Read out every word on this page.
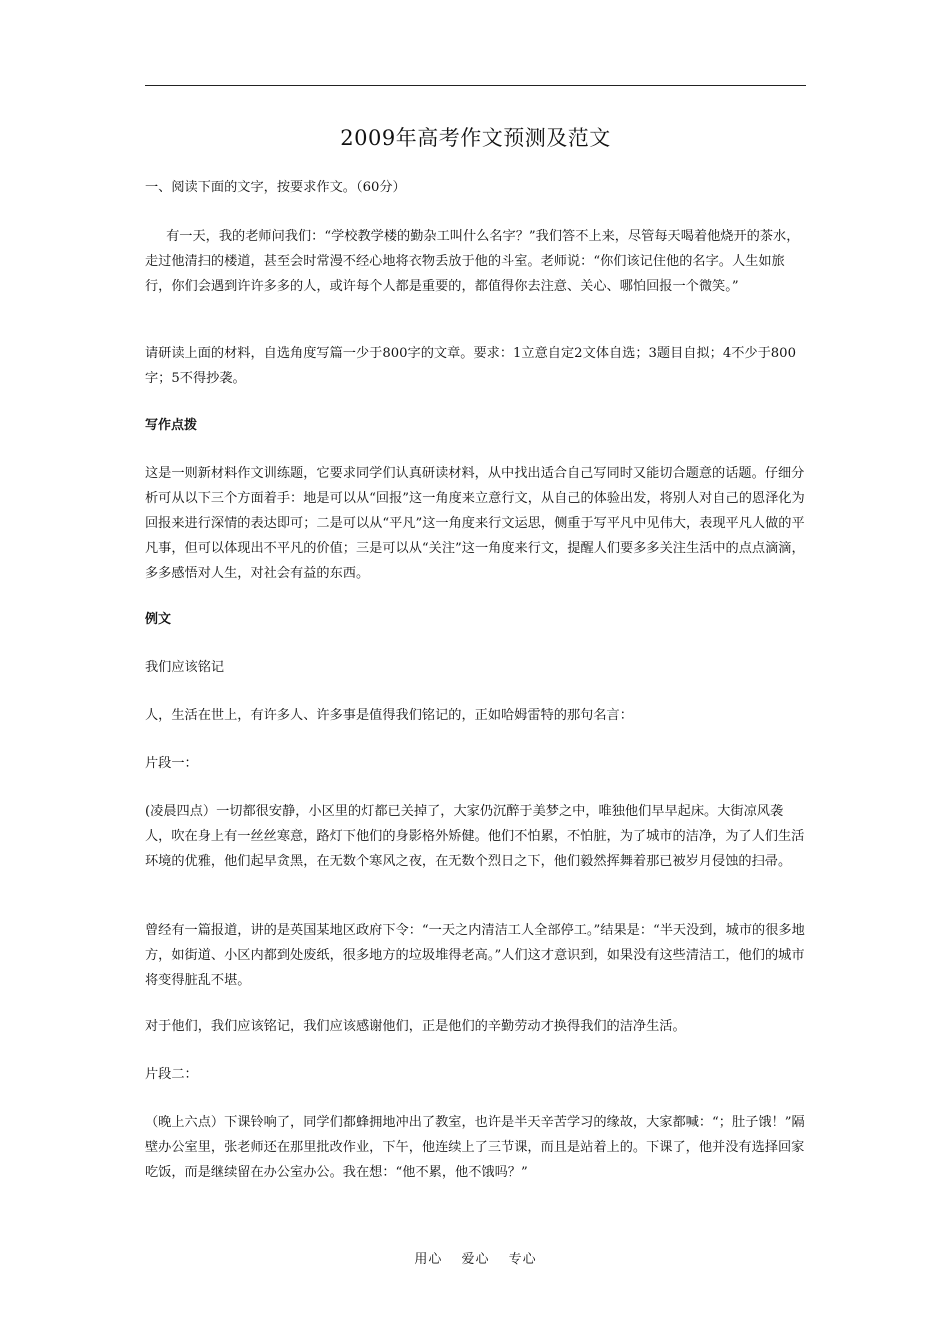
2009年高考作文预测及范文

一、阅读下面的文字，按要求作文。（60分）

有一天，我的老师问我们：“学校教学楼的勤杂工叫什么名字？”我们答不上来，尽管每天喝着他烧开的茶水，走过他清扫的楼道，甚至会时常漫不经心地将衣物丢放于他的斗室。老师说：“你们该记住他的名字。人生如旅行，你们会遇到许许多多的人，或许每个人都是重要的，都值得你去注意、关心、哪怕回报一个微笑。”

请研读上面的材料，自选角度写篇一少于800字的文章。要求：1立意自定2文体自选；3题目自拟；4不少于800字；5不得抄袭。

写作点拨

这是一则新材料作文训练题，它要求同学们认真研读材料，从中找出适合自己写同时又能切合题意的话题。仔细分析可从以下三个方面着手：地是可以从“回报”这一角度来立意行文，从自己的体验出发，将别人对自己的恩泽化为回报来进行深情的表达即可；二是可以从“平凡”这一角度来行文运思，侧重于写平凡中见伟大，表现平凡人做的平凡事，但可以体现出不平凡的价值；三是可以从“关注”这一角度来行文，提醒人们要多多关注生活中的点点滴滴，多多感悟对人生，对社会有益的东西。

例文

我们应该铭记

人，生活在世上，有许多人、许多事是值得我们铭记的，正如哈姆雷特的那句名言：

片段一：

(凌晨四点）一切都很安静，小区里的灯都已关掉了，大家仍沉醉于美梦之中，唯独他们早早起床。大街凉风袭人，吹在身上有一丝丝寒意，路灯下他们的身影格外矫健。他们不怕累，不怕脏，为了城市的洁净，为了人们生活环境的优雅，他们起早贪黑，在无数个寒风之夜，在无数个烈日之下，他们毅然挥舞着那已被岁月侵蚀的扫帚。

曾经有一篇报道，讲的是英国某地区政府下令：“一天之内清洁工人全部停工。”结果是：“半天没到，城市的很多地方，如街道、小区内都到处废纸，很多地方的垃圾堆得老高。”人们这才意识到，如果没有这些清洁工，他们的城市将变得脏乱不堪。

对于他们，我们应该铭记，我们应该感谢他们，正是他们的辛勤劳动才换得我们的洁净生活。

片段二：

（晚上六点）下课铃响了，同学们都蜂拥地冲出了教室，也许是半天辛苦学习的缘故，大家都喊：“；肚子饿！”隔壁办公室里，张老师还在那里批改作业，下午，他连续上了三节课，而且是站着上的。下课了，他并没有选择回家吃饭，而是继续留在办公室办公。我在想：“他不累，他不饿吗？”

用心 爱心 专心
